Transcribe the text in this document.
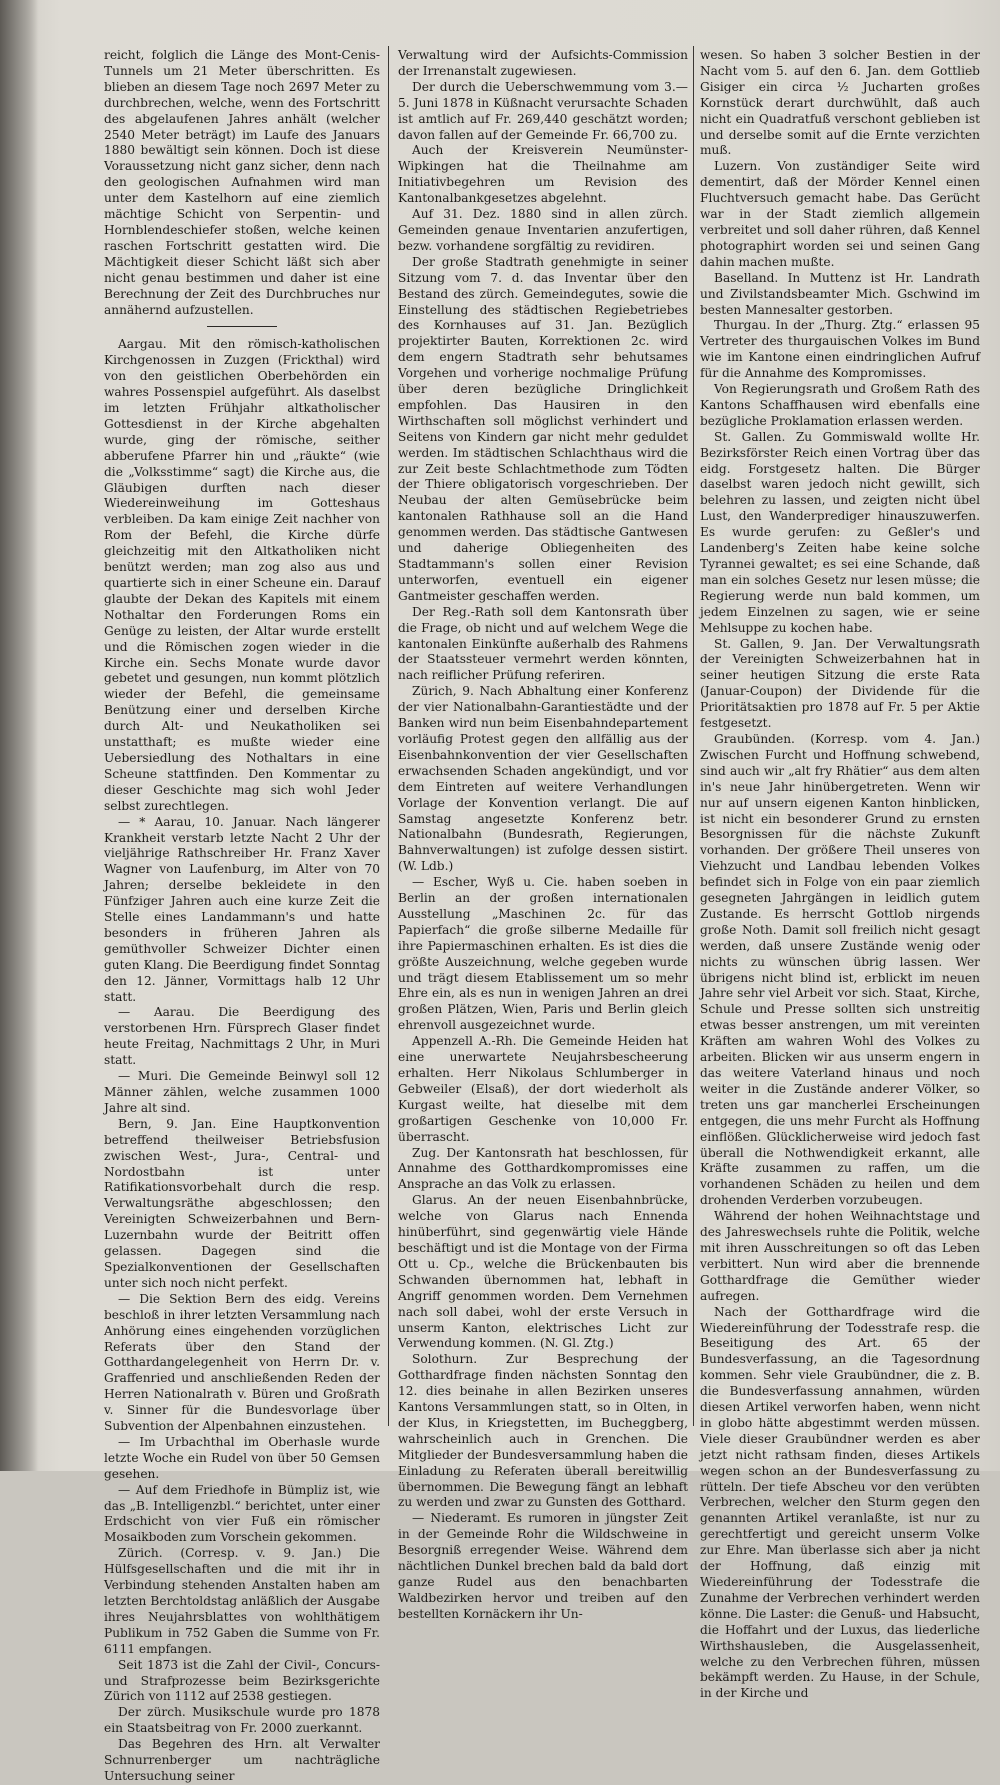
reicht, folglich die Länge des Mont-Cenis-Tunnels um 21 Meter überschritten. Es blieben an diesem Tage noch 2697 Meter zu durchbrechen, welche, wenn des Fortschritt des abgelaufenen Jahres anhält (welcher 2540 Meter beträgt) im Laufe des Januars 1880 bewältigt sein können. Doch ist diese Voraussetzung nicht ganz sicher, denn nach den geologischen Aufnahmen wird man unter dem Kastelhorn auf eine ziemlich mächtige Schicht von Serpentin- und Hornblendeschiefer stoßen, welche keinen raschen Fortschritt gestatten wird. Die Mächtigkeit dieser Schicht läßt sich aber nicht genau bestimmen und daher ist eine Berechnung der Zeit des Durchbruches nur annähernd aufzustellen.

Aargau. Mit den römisch-katholischen Kirchgenossen in Zuzgen (Frickthal) wird von den geistlichen Oberbehörden ein wahres Possenspiel aufgeführt. Als daselbst im letzten Frühjahr altkatholischer Gottesdienst in der Kirche abgehalten wurde, ging der römische, seither abberufene Pfarrer hin und „räukte“ (wie die „Volksstimme“ sagt) die Kirche aus, die Gläubigen durften nach dieser Wiedereinweihung im Gotteshaus verbleiben. Da kam einige Zeit nachher von Rom der Befehl, die Kirche dürfe gleichzeitig mit den Altkatholiken nicht benützt werden; man zog also aus und quartierte sich in einer Scheune ein. Darauf glaubte der Dekan des Kapitels mit einem Nothaltar den Forderungen Roms ein Genüge zu leisten, der Altar wurde erstellt und die Römischen zogen wieder in die Kirche ein. Sechs Monate wurde davor gebetet und gesungen, nun kommt plötzlich wieder der Befehl, die gemeinsame Benützung einer und derselben Kirche durch Alt- und Neukatholiken sei unstatthaft; es mußte wieder eine Uebersiedlung des Nothaltars in eine Scheune stattfinden. Den Kommentar zu dieser Geschichte mag sich wohl Jeder selbst zurechtlegen.

— * Aarau, 10. Januar. Nach längerer Krankheit verstarb letzte Nacht 2 Uhr der vieljährige Rathschreiber Hr. Franz Xaver Wagner von Laufenburg, im Alter von 70 Jahren; derselbe bekleidete in den Fünfziger Jahren auch eine kurze Zeit die Stelle eines Landammann's und hatte besonders in früheren Jahren als gemüthvoller Schweizer Dichter einen guten Klang. Die Beerdigung findet Sonntag den 12. Jänner, Vormittags halb 12 Uhr statt.

— Aarau. Die Beerdigung des verstorbenen Hrn. Fürsprech Glaser findet heute Freitag, Nachmittags 2 Uhr, in Muri statt.

— Muri. Die Gemeinde Beinwyl soll 12 Männer zählen, welche zusammen 1000 Jahre alt sind.

Bern, 9. Jan. Eine Hauptkonvention betreffend theilweiser Betriebsfusion zwischen West-, Jura-, Central- und Nordostbahn ist unter Ratifikationsvorbehalt durch die resp. Verwaltungsräthe abgeschlossen; den Vereinigten Schweizerbahnen und Bern-Luzernbahn wurde der Beitritt offen gelassen. Dagegen sind die Spezialkonventionen der Gesellschaften unter sich noch nicht perfekt.

— Die Sektion Bern des eidg. Vereins beschloß in ihrer letzten Versammlung nach Anhörung eines eingehenden vorzüglichen Referats über den Stand der Gotthardangelegenheit von Herrn Dr. v. Graffenried und anschließenden Reden der Herren Nationalrath v. Büren und Großrath v. Sinner für die Bundesvorlage über Subvention der Alpenbahnen einzustehen.

— Im Urbachthal im Oberhasle wurde letzte Woche ein Rudel von über 50 Gemsen gesehen.

— Auf dem Friedhofe in Bümpliz ist, wie das „B. Intelligenzbl.“ berichtet, unter einer Erdschicht von vier Fuß ein römischer Mosaikboden zum Vorschein gekommen.

Zürich. (Corresp. v. 9. Jan.) Die Hülfsgesellschaften und die mit ihr in Verbindung stehenden Anstalten haben am letzten Berchtoldstag anläßlich der Ausgabe ihres Neujahrsblattes von wohlthätigem Publikum in 752 Gaben die Summe von Fr. 6111 empfangen.

Seit 1873 ist die Zahl der Civil-, Concurs- und Strafprozesse beim Bezirksgerichte Zürich von 1112 auf 2538 gestiegen.

Der zürch. Musikschule wurde pro 1878 ein Staatsbeitrag von Fr. 2000 zuerkannt.

Das Begehren des Hrn. alt Verwalter Schnurrenberger um nachträgliche Untersuchung seiner

Verwaltung wird der Aufsichts-Commission der Irrenanstalt zugewiesen.

Der durch die Ueberschwemmung vom 3.—5. Juni 1878 in Küßnacht verursachte Schaden ist amtlich auf Fr. 269,440 geschätzt worden; davon fallen auf der Gemeinde Fr. 66,700 zu.

Auch der Kreisverein Neumünster-Wipkingen hat die Theilnahme am Initiativbegehren um Revision des Kantonalbankgesetzes abgelehnt.

Auf 31. Dez. 1880 sind in allen zürch. Gemeinden genaue Inventarien anzufertigen, bezw. vorhandene sorgfältig zu revidiren.

Der große Stadtrath genehmigte in seiner Sitzung vom 7. d. das Inventar über den Bestand des zürch. Gemeindegutes, sowie die Einstellung des städtischen Regiebetriebes des Kornhauses auf 31. Jan. Bezüglich projektirter Bauten, Korrektionen 2c. wird dem engern Stadtrath sehr behutsames Vorgehen und vorherige nochmalige Prüfung über deren bezügliche Dringlichkeit empfohlen. Das Hausiren in den Wirthschaften soll möglichst verhindert und Seitens von Kindern gar nicht mehr geduldet werden. Im städtischen Schlachthaus wird die zur Zeit beste Schlachtmethode zum Tödten der Thiere obligatorisch vorgeschrieben. Der Neubau der alten Gemüsebrücke beim kantonalen Rathhause soll an die Hand genommen werden. Das städtische Gantwesen und daherige Obliegenheiten des Stadtammann's sollen einer Revision unterworfen, eventuell ein eigener Gantmeister geschaffen werden.

Der Reg.-Rath soll dem Kantonsrath über die Frage, ob nicht und auf welchem Wege die kantonalen Einkünfte außerhalb des Rahmens der Staatssteuer vermehrt werden könnten, nach reiflicher Prüfung referiren.

Zürich, 9. Nach Abhaltung einer Konferenz der vier Nationalbahn-Garantiestädte und der Banken wird nun beim Eisenbahndepartement vorläufig Protest gegen den allfällig aus der Eisenbahnkonvention der vier Gesellschaften erwachsenden Schaden angekündigt, und vor dem Eintreten auf weitere Verhandlungen Vorlage der Konvention verlangt. Die auf Samstag angesetzte Konferenz betr. Nationalbahn (Bundesrath, Regierungen, Bahnverwaltungen) ist zufolge dessen sistirt. (W. Ldb.)

— Escher, Wyß u. Cie. haben soeben in Berlin an der großen internationalen Ausstellung „Maschinen 2c. für das Papierfach“ die große silberne Medaille für ihre Papiermaschinen erhalten. Es ist dies die größte Auszeichnung, welche gegeben wurde und trägt diesem Etablissement um so mehr Ehre ein, als es nun in wenigen Jahren an drei großen Plätzen, Wien, Paris und Berlin gleich ehrenvoll ausgezeichnet wurde.

Appenzell A.-Rh. Die Gemeinde Heiden hat eine unerwartete Neujahrsbescheerung erhalten. Herr Nikolaus Schlumberger in Gebweiler (Elsaß), der dort wiederholt als Kurgast weilte, hat dieselbe mit dem großartigen Geschenke von 10,000 Fr. überrascht.

Zug. Der Kantonsrath hat beschlossen, für Annahme des Gotthardkompromisses eine Ansprache an das Volk zu erlassen.

Glarus. An der neuen Eisenbahnbrücke, welche von Glarus nach Ennenda hinüberführt, sind gegenwärtig viele Hände beschäftigt und ist die Montage von der Firma Ott u. Cp., welche die Brückenbauten bis Schwanden übernommen hat, lebhaft in Angriff genommen worden. Dem Vernehmen nach soll dabei, wohl der erste Versuch in unserm Kanton, elektrisches Licht zur Verwendung kommen. (N. Gl. Ztg.)

Solothurn. Zur Besprechung der Gotthardfrage finden nächsten Sonntag den 12. dies beinahe in allen Bezirken unseres Kantons Versammlungen statt, so in Olten, in der Klus, in Kriegstetten, im Bucheggberg, wahrscheinlich auch in Grenchen. Die Mitglieder der Bundesversammlung haben die Einladung zu Referaten überall bereitwillig übernommen. Die Bewegung fängt an lebhaft zu werden und zwar zu Gunsten des Gotthard.

— Niederamt. Es rumoren in jüngster Zeit in der Gemeinde Rohr die Wildschweine in Besorgniß erregender Weise. Während dem nächtlichen Dunkel brechen bald da bald dort ganze Rudel aus den benachbarten Waldbezirken hervor und treiben auf den bestellten Kornäckern ihr Un-

wesen. So haben 3 solcher Bestien in der Nacht vom 5. auf den 6. Jan. dem Gottlieb Gisiger ein circa ½ Jucharten großes Kornstück derart durchwühlt, daß auch nicht ein Quadratfuß verschont geblieben ist und derselbe somit auf die Ernte verzichten muß.

Luzern. Von zuständiger Seite wird dementirt, daß der Mörder Kennel einen Fluchtversuch gemacht habe. Das Gerücht war in der Stadt ziemlich allgemein verbreitet und soll daher rühren, daß Kennel photographirt worden sei und seinen Gang dahin machen mußte.

Baselland. In Muttenz ist Hr. Landrath und Zivilstandsbeamter Mich. Gschwind im besten Mannesalter gestorben.

Thurgau. In der „Thurg. Ztg.“ erlassen 95 Vertreter des thurgauischen Volkes im Bund wie im Kantone einen eindringlichen Aufruf für die Annahme des Kompromisses.

Von Regierungsrath und Großem Rath des Kantons Schaffhausen wird ebenfalls eine bezügliche Proklamation erlassen werden.

St. Gallen. Zu Gommiswald wollte Hr. Bezirksförster Reich einen Vortrag über das eidg. Forstgesetz halten. Die Bürger daselbst waren jedoch nicht gewillt, sich belehren zu lassen, und zeigten nicht übel Lust, den Wanderprediger hinauszuwerfen. Es wurde gerufen: zu Geßler's und Landenberg's Zeiten habe keine solche Tyrannei gewaltet; es sei eine Schande, daß man ein solches Gesetz nur lesen müsse; die Regierung werde nun bald kommen, um jedem Einzelnen zu sagen, wie er seine Mehlsuppe zu kochen habe.

St. Gallen, 9. Jan. Der Verwaltungsrath der Vereinigten Schweizerbahnen hat in seiner heutigen Sitzung die erste Rata (Januar-Coupon) der Dividende für die Prioritätsaktien pro 1878 auf Fr. 5 per Aktie festgesetzt.

Graubünden. (Korresp. vom 4. Jan.) Zwischen Furcht und Hoffnung schwebend, sind auch wir „alt fry Rhätier“ aus dem alten in's neue Jahr hinübergetreten. Wenn wir nur auf unsern eigenen Kanton hinblicken, ist nicht ein besonderer Grund zu ernsten Besorgnissen für die nächste Zukunft vorhanden. Der größere Theil unseres von Viehzucht und Landbau lebenden Volkes befindet sich in Folge von ein paar ziemlich gesegneten Jahrgängen in leidlich gutem Zustande. Es herrscht Gottlob nirgends große Noth. Damit soll freilich nicht gesagt werden, daß unsere Zustände wenig oder nichts zu wünschen übrig lassen. Wer übrigens nicht blind ist, erblickt im neuen Jahre sehr viel Arbeit vor sich. Staat, Kirche, Schule und Presse sollten sich unstreitig etwas besser anstrengen, um mit vereinten Kräften am wahren Wohl des Volkes zu arbeiten. Blicken wir aus unserm engern in das weitere Vaterland hinaus und noch weiter in die Zustände anderer Völker, so treten uns gar mancherlei Erscheinungen entgegen, die uns mehr Furcht als Hoffnung einflößen. Glücklicherweise wird jedoch fast überall die Nothwendigkeit erkannt, alle Kräfte zusammen zu raffen, um die vorhandenen Schäden zu heilen und dem drohenden Verderben vorzubeugen.

Während der hohen Weihnachtstage und des Jahreswechsels ruhte die Politik, welche mit ihren Ausschreitungen so oft das Leben verbittert. Nun wird aber die brennende Gotthardfrage die Gemüther wieder aufregen.

Nach der Gotthardfrage wird die Wiedereinführung der Todesstrafe resp. die Beseitigung des Art. 65 der Bundesverfassung, an die Tagesordnung kommen. Sehr viele Graubündner, die z. B. die Bundesverfassung annahmen, würden diesen Artikel verworfen haben, wenn nicht in globo hätte abgestimmt werden müssen. Viele dieser Graubündner werden es aber jetzt nicht rathsam finden, dieses Artikels wegen schon an der Bundesverfassung zu rütteln. Der tiefe Abscheu vor den verübten Verbrechen, welcher den Sturm gegen den genannten Artikel veranlaßte, ist nur zu gerechtfertigt und gereicht unserm Volke zur Ehre. Man überlasse sich aber ja nicht der Hoffnung, daß einzig mit Wiedereinführung der Todesstrafe die Zunahme der Verbrechen verhindert werden könne. Die Laster: die Genuß- und Habsucht, die Hoffahrt und der Luxus, das liederliche Wirthshausleben, die Ausgelassenheit, welche zu den Verbrechen führen, müssen bekämpft werden. Zu Hause, in der Schule, in der Kirche und
